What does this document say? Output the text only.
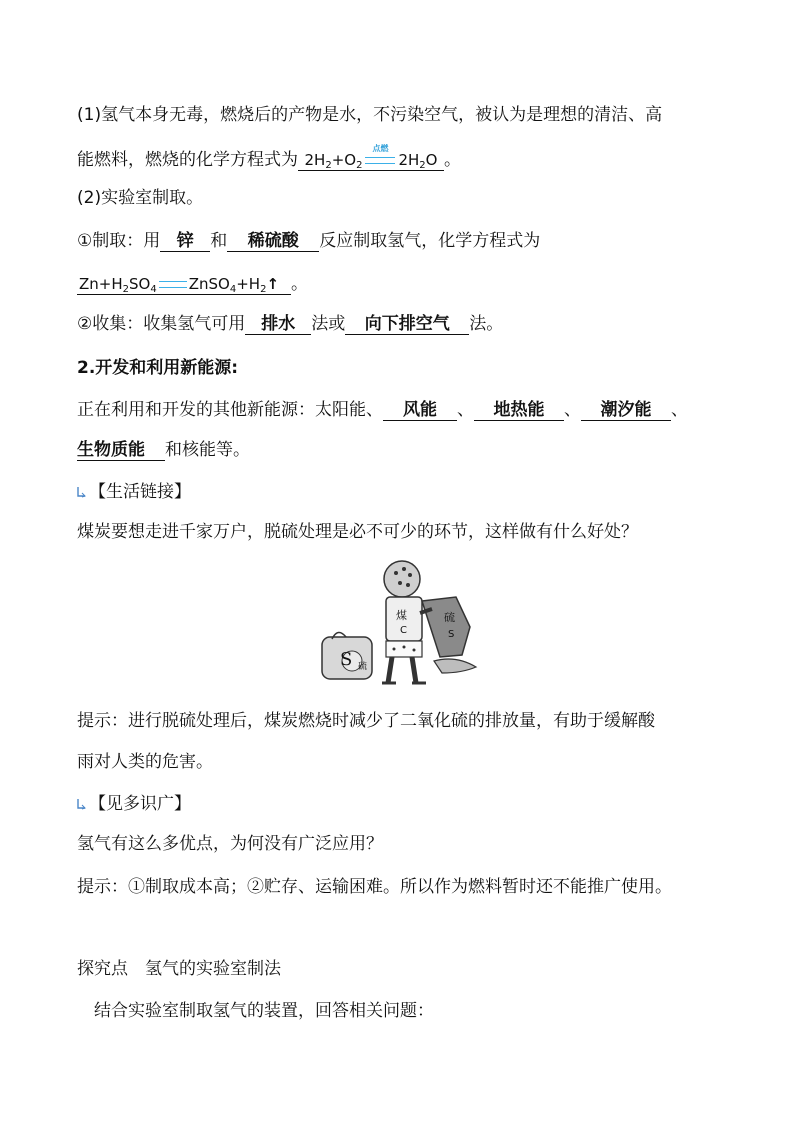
(1)氢气本身无毒，燃烧后的产物是水，不污染空气，被认为是理想的清洁、高
能燃料，燃烧的化学方程式为 $2H_2+O_2$
点燃
$2H_2O$ 。
(2)实验室制取。
①制取：用 锌 和 稀硫酸 反应制取氢气，化学方程式为
$Zn+H_2SO_4$ $ZnSO_4+H_2↑$ 。
②收集：收集氢气可用 排水 法或 向下排空气 法。
2.开发和利用新能源:
正在利用和开发的其他新能源：太阳能、 风能 、 地热能 、 潮汐能 、
生物质能 和核能等。
【生活链接】
煤炭要想走进千家万户，脱硫处理是必不可少的环节，这样做有什么好处？
S 硫
煤
C
硫
S
提示：进行脱硫处理后，煤炭燃烧时减少了二氧化硫的排放量，有助于缓解酸
雨对人类的危害。
【见多识广】
氢气有这么多优点，为何没有广泛应用？
提示：①制取成本高；②贮存、运输困难。所以作为燃料暂时还不能推广使用。
探究点　氢气的实验室制法
结合实验室制取氢气的装置，回答相关问题：
